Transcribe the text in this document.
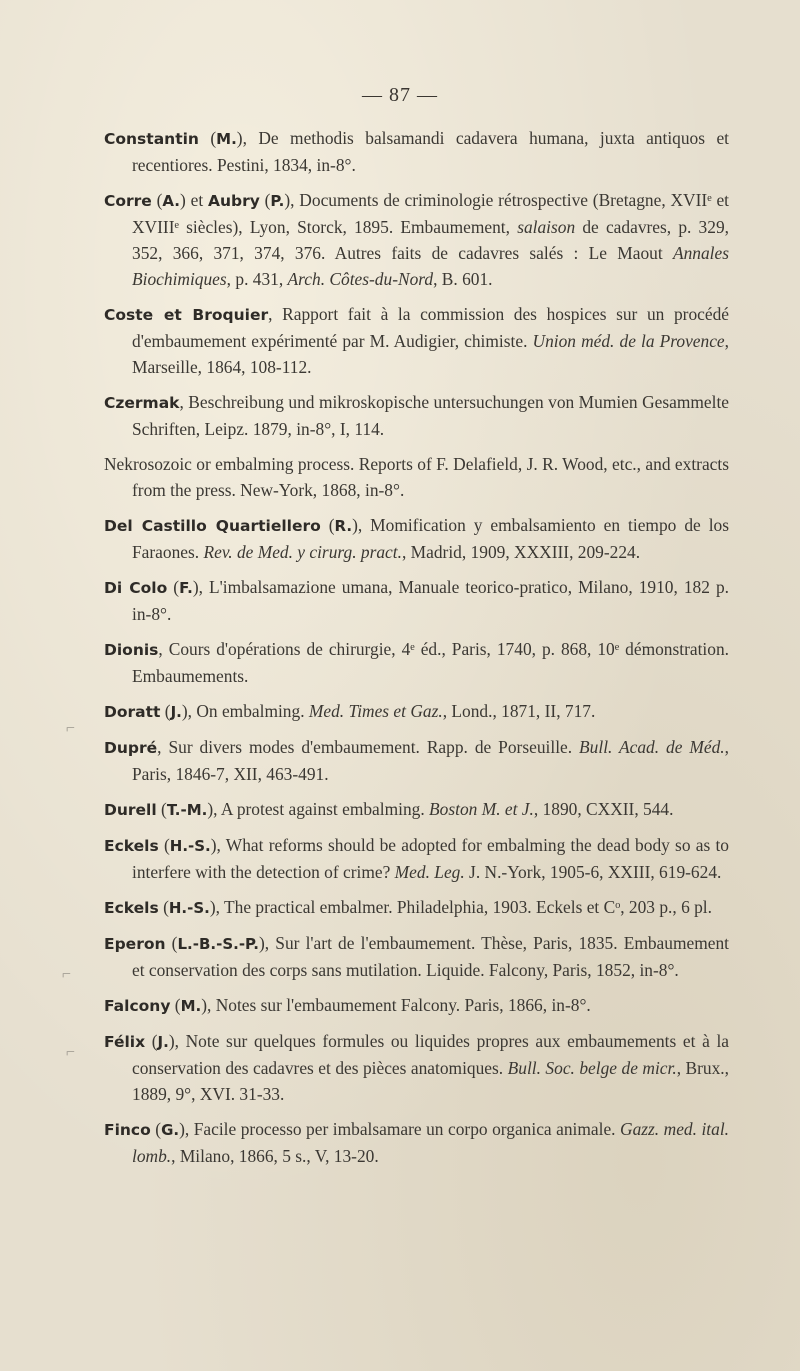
— 87 —
⌐
⌐
⌐

Constantin (M.), De methodis balsamandi cadavera humana, juxta antiquos et recentiores. Pestini, 1834, in-8°.

Corre (A.) et Aubry (P.), Documents de criminologie rétrospective (Bretagne, XVIIᵉ et XVIIIᵉ siècles), Lyon, Storck, 1895. Embaumement, salaison de cadavres, p. 329, 352, 366, 371, 374, 376. Autres faits de cadavres salés : Le Maout Annales Biochimiques, p. 431, Arch. Côtes-du-Nord, B. 601.

Coste et Broquier, Rapport fait à la commission des hospices sur un procédé d'embaumement expérimenté par M. Audigier, chimiste. Union méd. de la Provence, Marseille, 1864, 108-112.

Czermak, Beschreibung und mikroskopische untersuchungen von Mumien Gesammelte Schriften, Leipz. 1879, in-8°, I, 114.

Nekrosozoic or embalming process. Reports of F. Delafield, J. R. Wood, etc., and extracts from the press. New-York, 1868, in-8°.

Del Castillo Quartiellero (R.), Momification y embalsamiento en tiempo de los Faraones. Rev. de Med. y cirurg. pract., Madrid, 1909, XXXIII, 209-224.

Di Colo (F.), L'imbalsamazione umana, Manuale teorico-pratico, Milano, 1910, 182 p. in-8°.

Dionis, Cours d'opérations de chirurgie, 4ᵉ éd., Paris, 1740, p. 868, 10ᵉ démonstration. Embaumements.

Doratt (J.), On embalming. Med. Times et Gaz., Lond., 1871, II, 717.

Dupré, Sur divers modes d'embaumement. Rapp. de Porseuille. Bull. Acad. de Méd., Paris, 1846-7, XII, 463-491.

Durell (T.-M.), A protest against embalming. Boston M. et J., 1890, CXXII, 544.

Eckels (H.-S.), What reforms should be adopted for embalming the dead body so as to interfere with the detection of crime? Med. Leg. J. N.-York, 1905-6, XXIII, 619-624.

Eckels (H.-S.), The practical embalmer. Philadelphia, 1903. Eckels et Cᵒ, 203 p., 6 pl.

Eperon (L.-B.-S.-P.), Sur l'art de l'embaumement. Thèse, Paris, 1835. Embaumement et conservation des corps sans mutilation. Liquide. Falcony, Paris, 1852, in-8°.

Falcony (M.), Notes sur l'embaumement Falcony. Paris, 1866, in-8°.

Félix (J.), Note sur quelques formules ou liquides propres aux embaumements et à la conservation des cadavres et des pièces anatomiques. Bull. Soc. belge de micr., Brux., 1889, 9°, XVI. 31-33.

Finco (G.), Facile processo per imbalsamare un corpo organica animale. Gazz. med. ital. lomb., Milano, 1866, 5 s., V, 13-20.
